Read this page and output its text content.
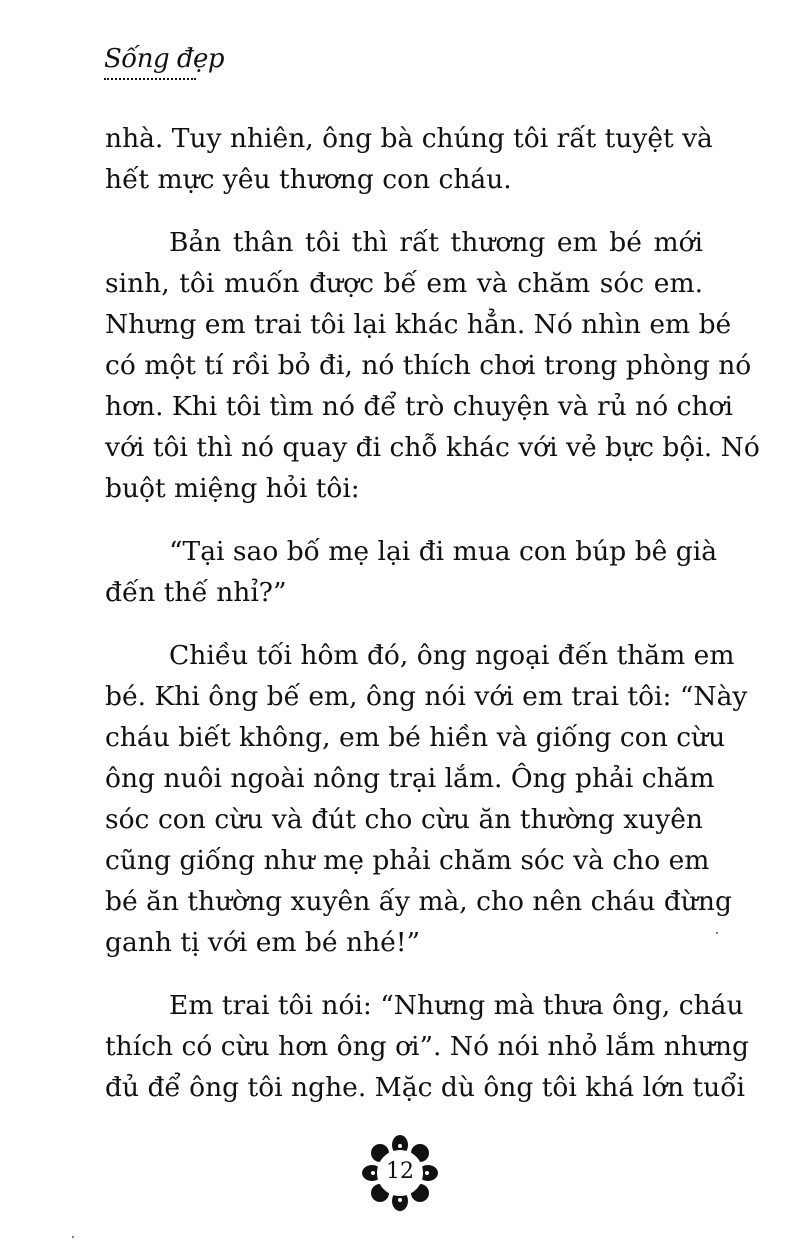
Sống đẹp
nhà. Tuy nhiên, ông bà chúng tôi rất tuyệt và
hết mực yêu thương con cháu.
Bản thân tôi thì rất thương em bé mới
sinh, tôi muốn được bế em và chăm sóc em.
Nhưng em trai tôi lại khác hẳn. Nó nhìn em bé
có một tí rồi bỏ đi, nó thích chơi trong phòng nó
hơn. Khi tôi tìm nó để trò chuyện và rủ nó chơi
với tôi thì nó quay đi chỗ khác với vẻ bực bội. Nó
buột miệng hỏi tôi:
“Tại sao bố mẹ lại đi mua con búp bê già
đến thế nhỉ?”
Chiều tối hôm đó, ông ngoại đến thăm em
bé. Khi ông bế em, ông nói với em trai tôi: “Này
cháu biết không, em bé hiền và giống con cừu
ông nuôi ngoài nông trại lắm. Ông phải chăm
sóc con cừu và đút cho cừu ăn thường xuyên
cũng giống như mẹ phải chăm sóc và cho em
bé ăn thường xuyên ấy mà, cho nên cháu đừng
ganh tị với em bé nhé!”
Em trai tôi nói: “Nhưng mà thưa ông, cháu
thích có cừu hơn ông ơi”. Nó nói nhỏ lắm nhưng
đủ để ông tôi nghe. Mặc dù ông tôi khá lớn tuổi
12
